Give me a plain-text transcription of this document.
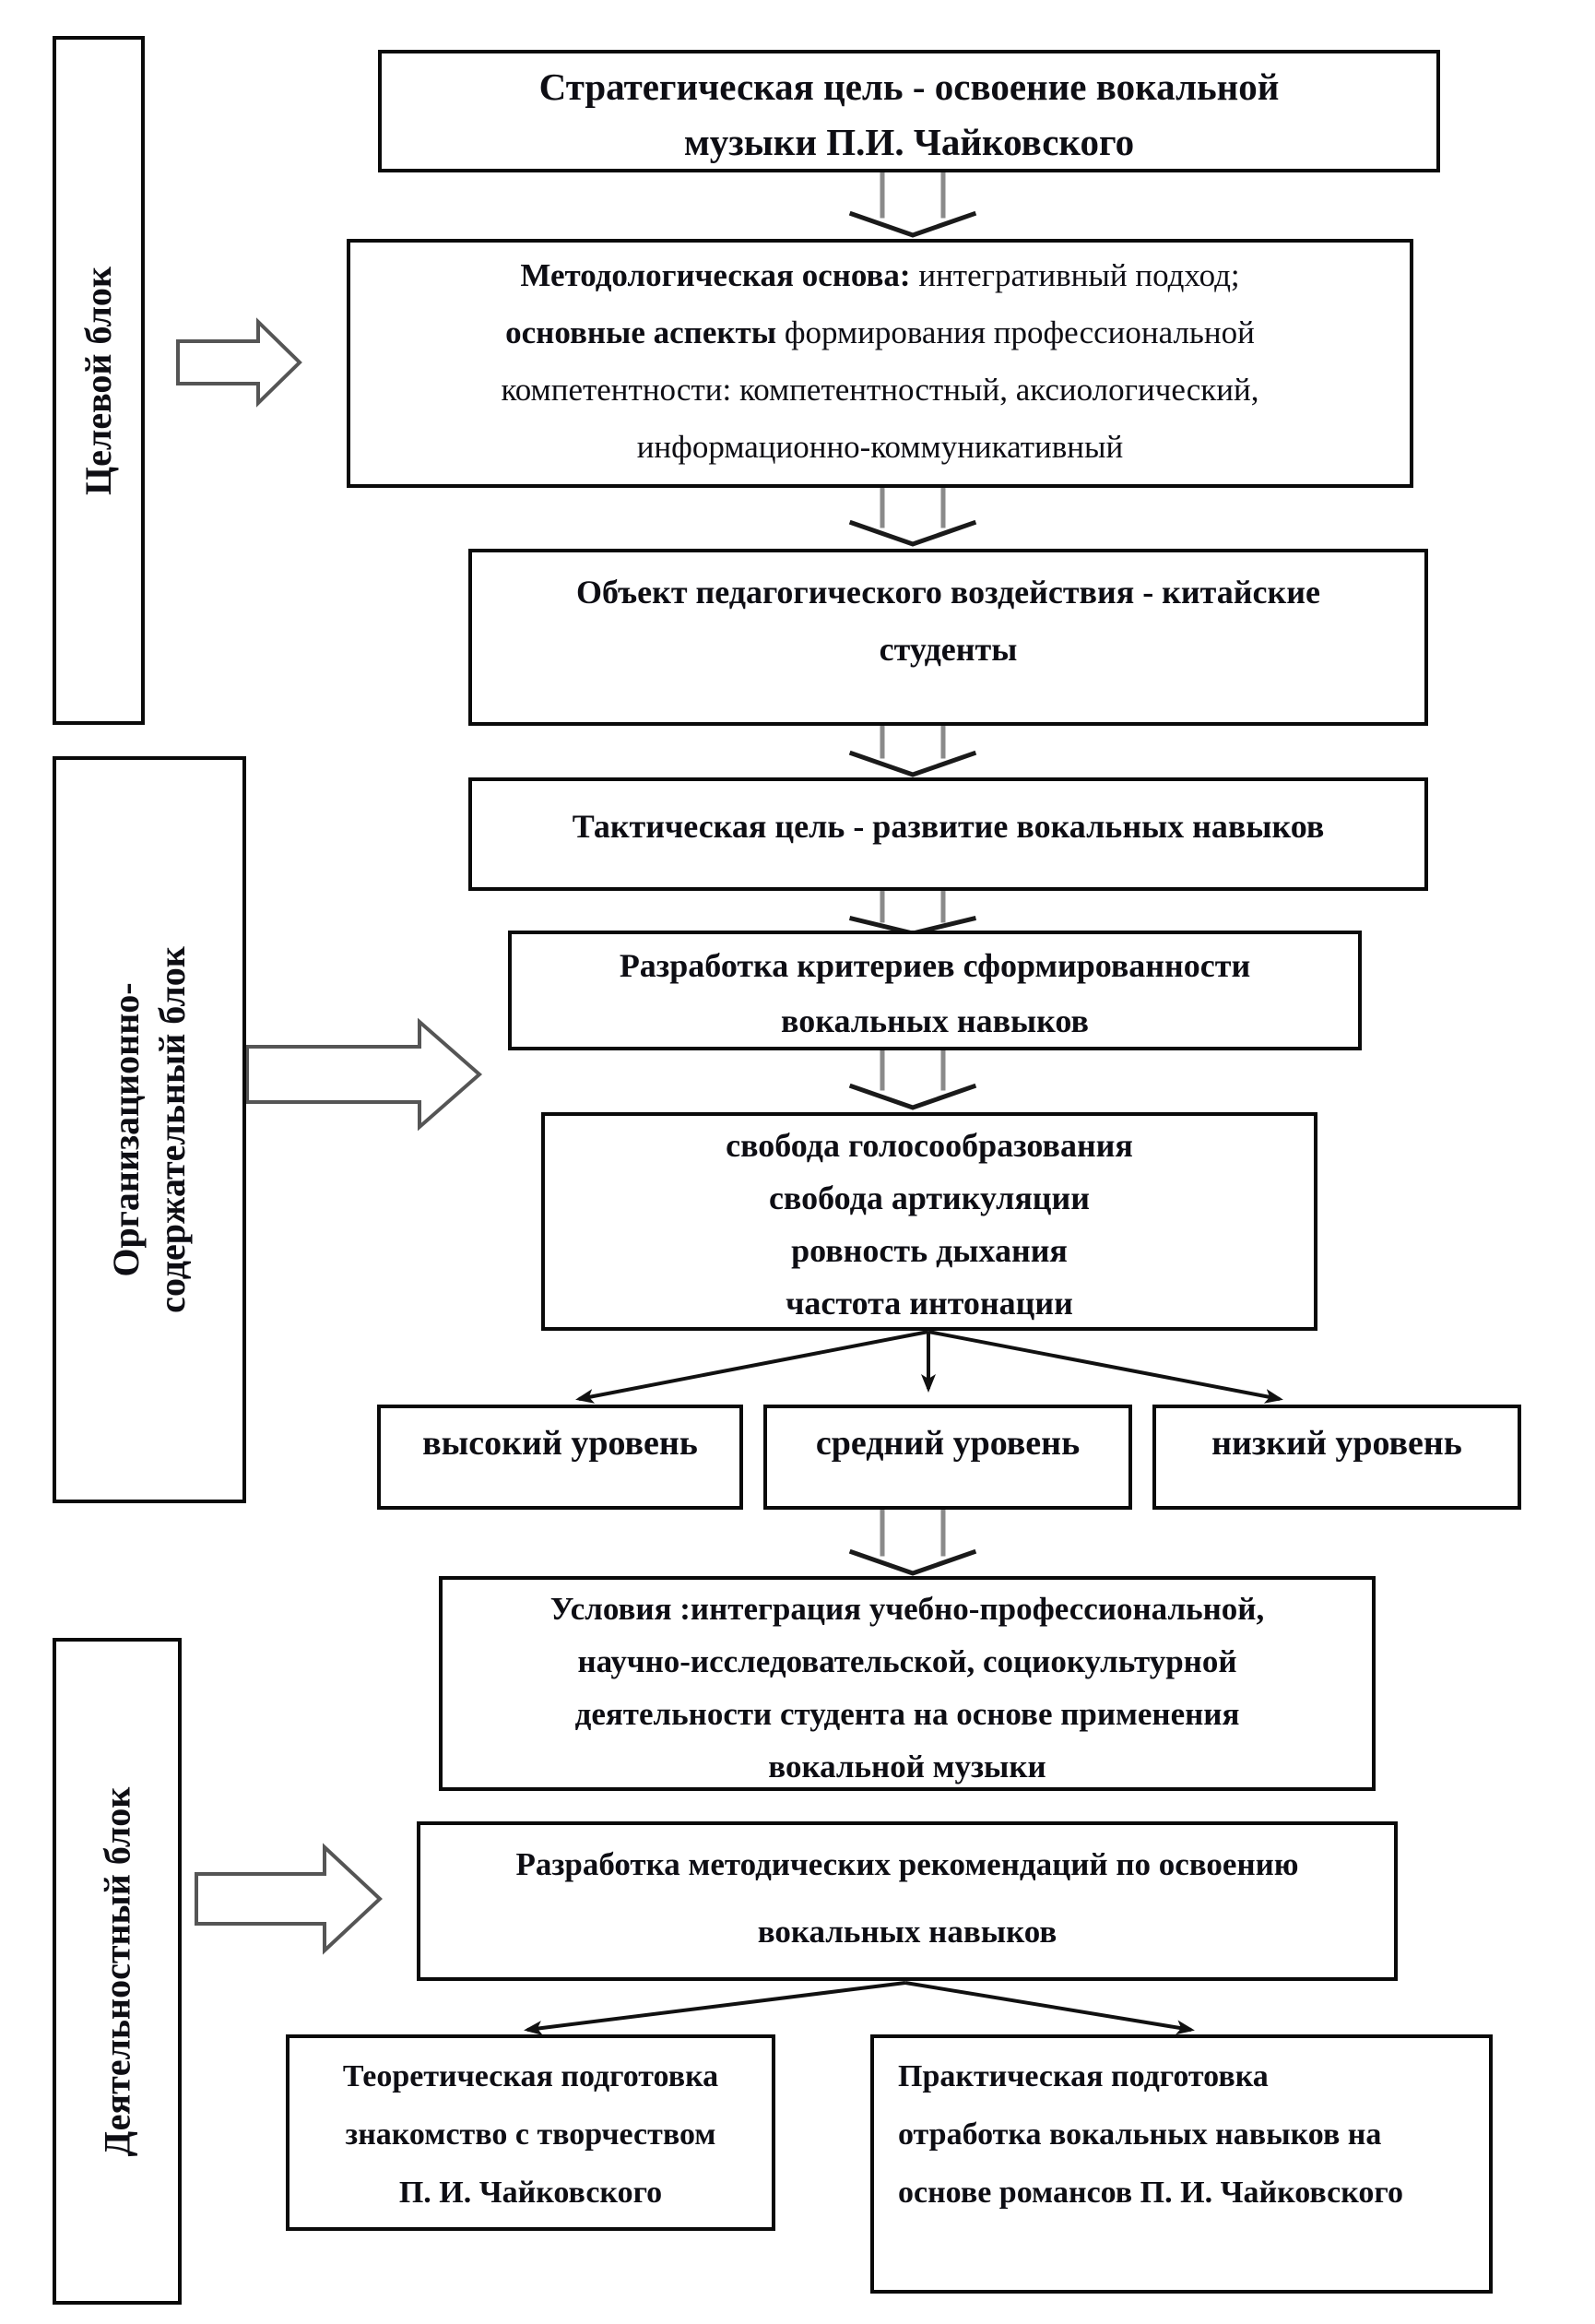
Целевой блок
Организационно- содержательный блок
Деятельностный блок
Стратегическая цель - освоение вокальной
музыки П.И. Чайковского
Методологическая основа: интегративный подход;
основные аспекты формирования профессиональной
компетентности: компетентностный, аксиологический,
информационно-коммуникативный
Объект педагогического воздействия - китайские
студенты
Тактическая цель - развитие вокальных навыков
Разработка критериев сформированности
вокальных навыков
свобода голосообразования
свобода артикуляции
ровность дыхания
частота интонации
высокий уровень	средний уровень	низкий уровень
Условия :интеграция учебно-профессиональной,
научно-исследовательской, социокультурной
деятельности студента на основе применения
вокальной музыки
Разработка методических рекомендаций по освоению
вокальных навыков
Теоретическая подготовка
знакомство с творчеством
П. И. Чайковского
Практическая подготовка
отработка вокальных навыков на
основе романсов П. И. Чайковского
